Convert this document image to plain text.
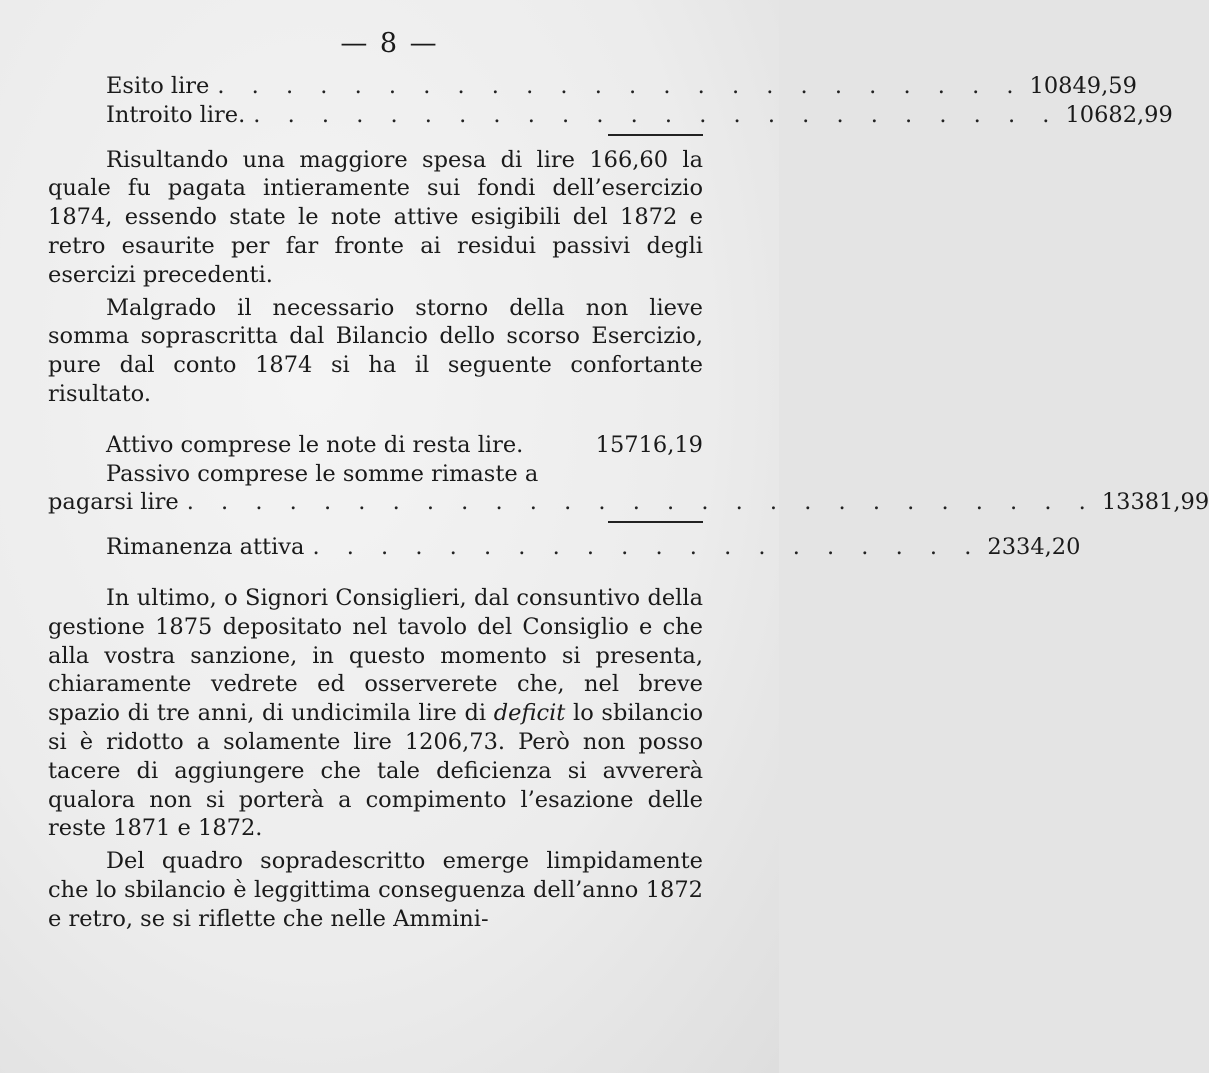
— 8 —
Esito lire . . . . . . . . . . . . . . . . . . . . . . . . 10849,59
Introito lire. . . . . . . . . . . . . . . . . . . . . . . . . 10682,99

Risultando una maggiore spesa di lire 166,60 la quale fu pagata intieramente sui fondi dell’esercizio 1874, essendo state le note attive esigibili del 1872 e retro esaurite per far fronte ai residui passivi degli esercizi precedenti.

Malgrado il necessario storno della non lieve somma soprascritta dal Bilancio dello scorso Esercizio, pure dal conto 1874 si ha il seguente confortante risultato.

Attivo comprese le note di resta lire.	15716,19
Passivo comprese le somme rimaste a
pagarsi lire . . . . . . . . . . . . . . . . . . . . . . . . . . . 13381,99
Rimanenza attiva . . . . . . . . . . . . . . . . . . . . 2334,20

In ultimo, o Signori Consiglieri, dal consuntivo della gestione 1875 depositato nel tavolo del Consiglio e che alla vostra sanzione, in questo momento si presenta, chiaramente vedrete ed osserverete che, nel breve spazio di tre anni, di undicimila lire di deficit lo sbilancio si è ridotto a solamente lire 1206,73. Però non posso tacere di aggiungere che tale deficienza si avvererà qualora non si porterà a compimento l’esazione delle reste 1871 e 1872.

Del quadro sopradescritto emerge limpidamente che lo sbilancio è leggittima conseguenza dell’anno 1872 e retro, se si riflette che nelle Ammini-
